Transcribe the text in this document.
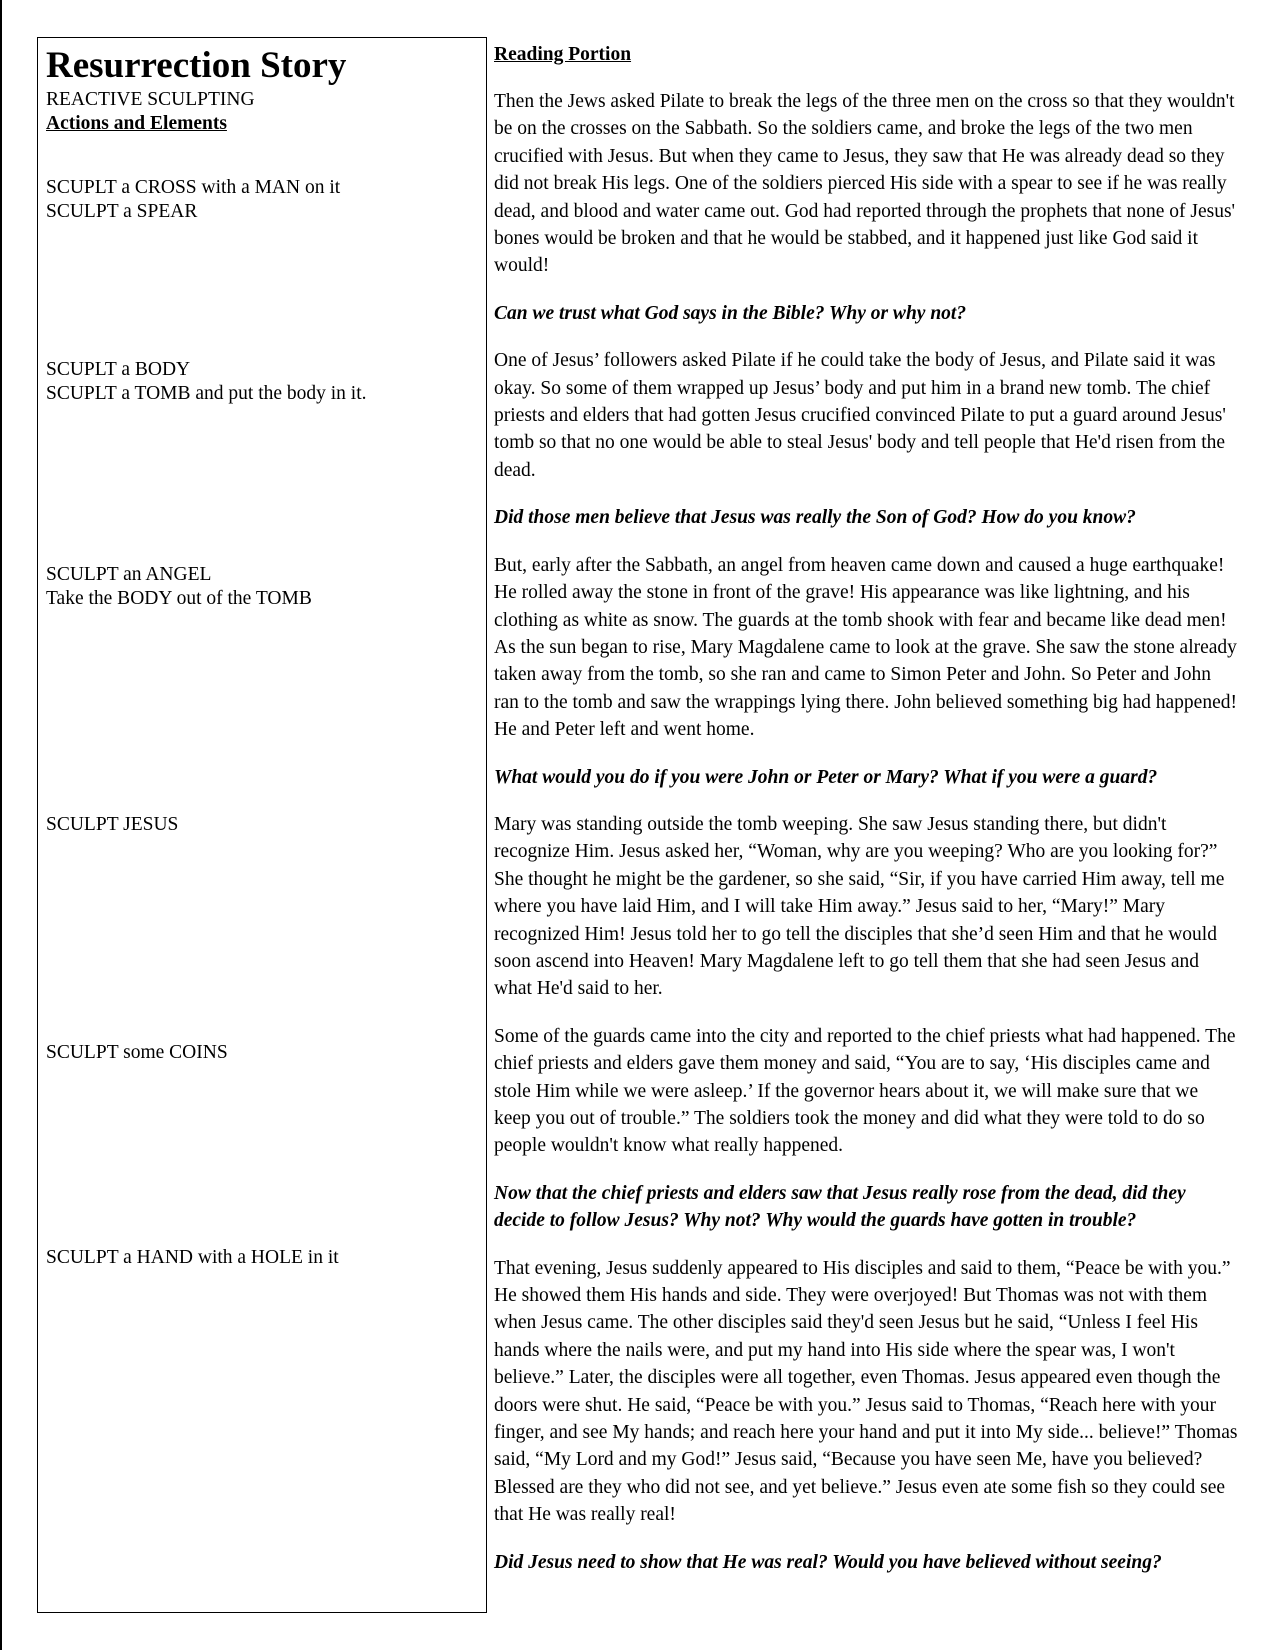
Resurrection Story
REACTIVE SCULPTING
Actions and Elements
SCUPLT a CROSS with a MAN on it
SCULPT a SPEAR
SCUPLT a BODY
SCUPLT a TOMB and put the body in it.
SCULPT an ANGEL
Take the BODY out of the TOMB
SCULPT JESUS
SCULPT some COINS
SCULPT a HAND with a HOLE in it
Reading Portion
Then the Jews asked Pilate to break the legs of the three men on the cross so that they wouldn't be on the crosses on the Sabbath. So the soldiers came, and broke the legs of the two men crucified with Jesus. But when they came to Jesus, they saw that He was already dead so they did not break His legs. One of the soldiers pierced His side with a spear to see if he was really dead, and blood and water came out. God had reported through the prophets that none of Jesus' bones would be broken and that he would be stabbed, and it happened just like God said it would!
Can we trust what God says in the Bible? Why or why not?
One of Jesus’ followers asked Pilate if he could take the body of Jesus, and Pilate said it was okay. So some of them wrapped up Jesus’ body and put him in a brand new tomb. The chief priests and elders that had gotten Jesus crucified convinced Pilate to put a guard around Jesus' tomb so that no one would be able to steal Jesus' body and tell people that He'd risen from the dead.
Did those men believe that Jesus was really the Son of God? How do you know?
But, early after the Sabbath, an angel from heaven came down and caused a huge earthquake! He rolled away the stone in front of the grave! His appearance was like lightning, and his clothing as white as snow. The guards at the tomb shook with fear and became like dead men! As the sun began to rise, Mary Magdalene came to look at the grave. She saw the stone already taken away from the tomb, so she ran and came to Simon Peter and John. So Peter and John ran to the tomb and saw the wrappings lying there. John believed something big had happened! He and Peter left and went home.
What would you do if you were John or Peter or Mary? What if you were a guard?
Mary was standing outside the tomb weeping. She saw Jesus standing there, but didn't recognize Him. Jesus asked her, “Woman, why are you weeping? Who are you looking for?” She thought he might be the gardener, so she said, “Sir, if you have carried Him away, tell me where you have laid Him, and I will take Him away.” Jesus said to her, “Mary!” Mary recognized Him! Jesus told her to go tell the disciples that she’d seen Him and that he would soon ascend into Heaven! Mary Magdalene left to go tell them that she had seen Jesus and what He'd said to her.
Some of the guards came into the city and reported to the chief priests what had happened. The chief priests and elders gave them money and said, “You are to say, ‘His disciples came and stole Him while we were asleep.’ If the governor hears about it, we will make sure that we keep you out of trouble.” The soldiers took the money and did what they were told to do so people wouldn't know what really happened.
Now that the chief priests and elders saw that Jesus really rose from the dead, did they decide to follow Jesus? Why not? Why would the guards have gotten in trouble?
That evening, Jesus suddenly appeared to His disciples and said to them, “Peace be with you.” He showed them His hands and side. They were overjoyed! But Thomas was not with them when Jesus came. The other disciples said they'd seen Jesus but he said, “Unless I feel His hands where the nails were, and put my hand into His side where the spear was, I won't believe.” Later, the disciples were all together, even Thomas. Jesus appeared even though the doors were shut. He said, “Peace be with you.” Jesus said to Thomas, “Reach here with your finger, and see My hands; and reach here your hand and put it into My side... believe!” Thomas said, “My Lord and my God!” Jesus said, “Because you have seen Me, have you believed? Blessed are they who did not see, and yet believe.” Jesus even ate some fish so they could see that He was really real!
Did Jesus need to show that He was real? Would you have believed without seeing?
